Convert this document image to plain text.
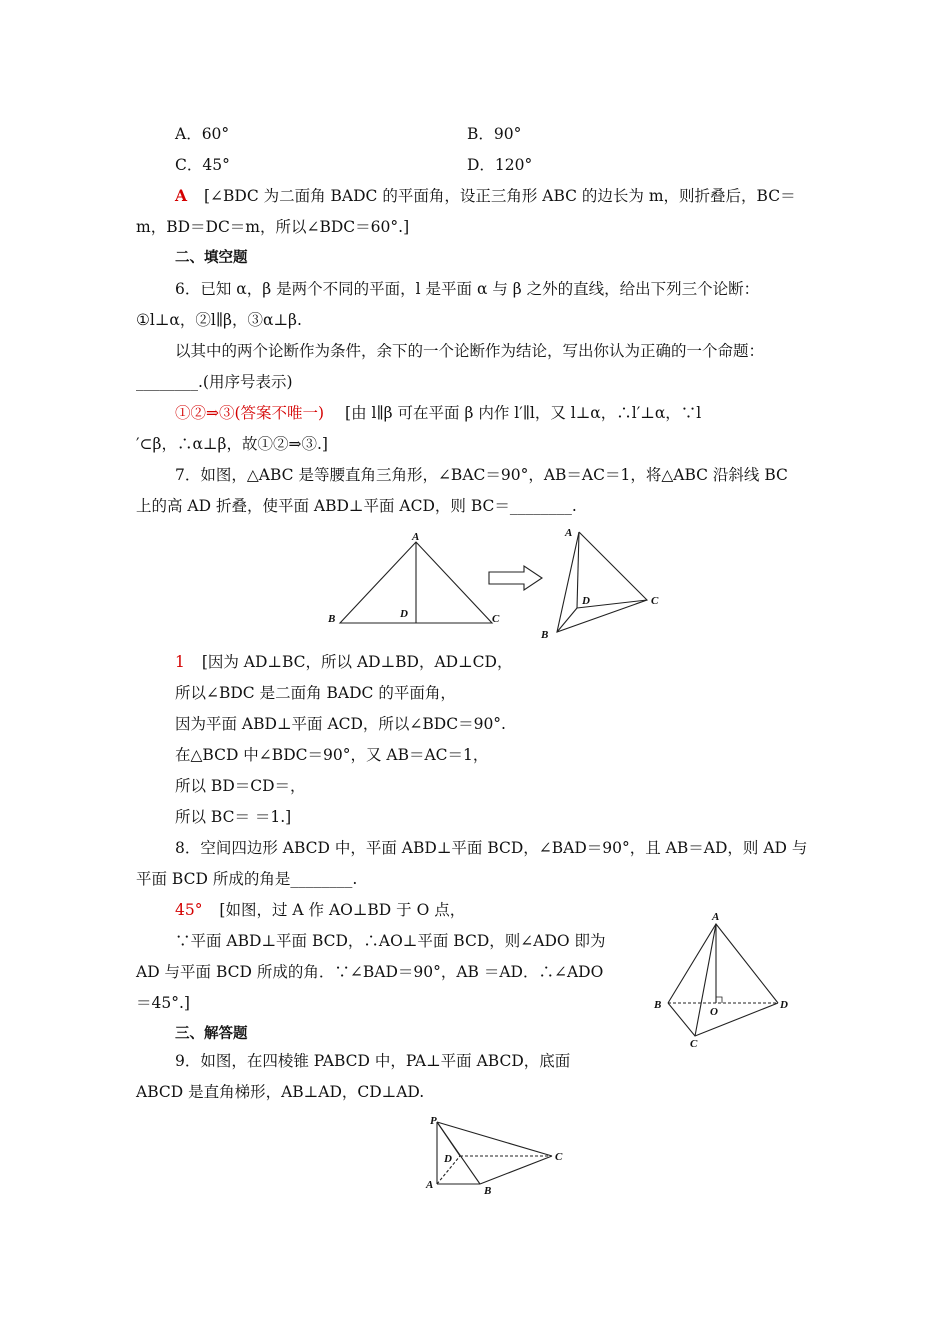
A．60°	B．90°
C．45°	D．120°
A [∠BDC 为二面角 BADC 的平面角，设正三角形 ABC 的边长为 m，则折叠后，BC＝
m，BD＝DC＝m，所以∠BDC＝60°.]
二、填空题
6．已知 α，β 是两个不同的平面，l 是平面 α 与 β 之外的直线，给出下列三个论断：
①l⊥α，②l∥β，③α⊥β.
以其中的两个论断作为条件，余下的一个论断作为结论，写出你认为正确的一个命题：
________.(用序号表示)
①②⇒③(答案不唯一) [由 l∥β 可在平面 β 内作 l′∥l，又 l⊥α，∴l′⊥α，∵l
′⊂β，∴α⊥β，故①②⇒③.]
7．如图，△ABC 是等腰直角三角形，∠BAC＝90°，AB＝AC＝1，将△ABC 沿斜线 BC
上的高 AD 折叠，使平面 ABD⊥平面 ACD，则 BC＝________.
A
B	D	C
A
B
D	C
1 [因为 AD⊥BC，所以 AD⊥BD，AD⊥CD，
所以∠BDC 是二面角 BADC 的平面角，
因为平面 ABD⊥平面 ACD，所以∠BDC＝90°.
在△BCD 中∠BDC＝90°，又 AB＝AC＝1，
所以 BD＝CD＝，
所以 BC＝ ＝1.]
8．空间四边形 ABCD 中，平面 ABD⊥平面 BCD，∠BAD＝90°，且 AB＝AD，则 AD 与
平面 BCD 所成的角是________.
45° [如图，过 A 作 AO⊥BD 于 O 点，
∵平面 ABD⊥平面 BCD，∴AO⊥平面 BCD，则∠ADO 即为
AD 与平面 BCD 所成的角．∵∠BAD＝90°，AB ＝AD．∴∠ADO
＝45°.]
A
B
O
D
C
三、解答题
9．如图，在四棱锥 PABCD 中，PA⊥平面 ABCD，底面
ABCD 是直角梯形，AB⊥AD，CD⊥AD.
P
A	B
C
D
